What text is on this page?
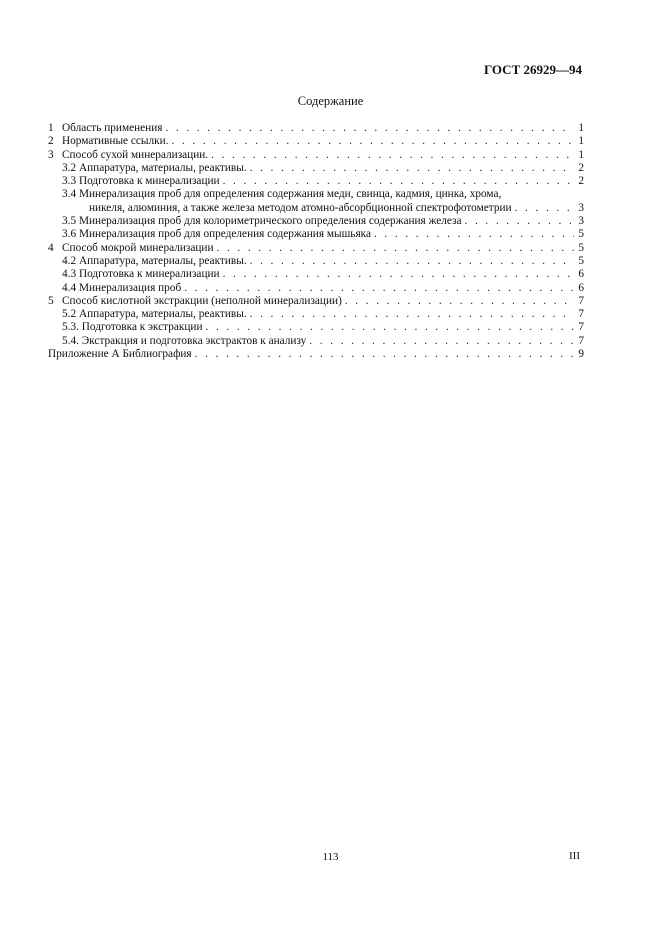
ГОСТ 26929—94
Содержание
1 Область применения . . .	1
2 Нормативные ссылки. . . .	1
3 Способ сухой минерализации. . . .	1
3.2 Аппаратура, материалы, реактивы. . . .	2
3.3 Подготовка к минерализации . . .	2
3.4 Минерализация проб для определения содержания меди, свинца, кадмия, цинка, хрома,
никеля, алюминия, а также железа методом атомно-абсорбционной спектрофотометрии . . .	3
3.5 Минерализация проб для колориметрического определения содержания железа . . .	3
3.6 Минерализация проб для определения содержания мышьяка . . .	5
4 Способ мокрой минерализации . . .	5
4.2 Аппаратура, материалы, реактивы. . . .	5
4.3 Подготовка к минерализации . . .	6
4.4 Минерализация проб . . .	6
5 Способ кислотной экстракции (неполной минерализации) . . .	7
5.2 Аппаратура, материалы, реактивы. . . .	7
5.3. Подготовка к экстракции . . .	7
5.4. Экстракция и подготовка экстрактов к анализу . . .	7
Приложение А Библиография . . .	9
113	III
